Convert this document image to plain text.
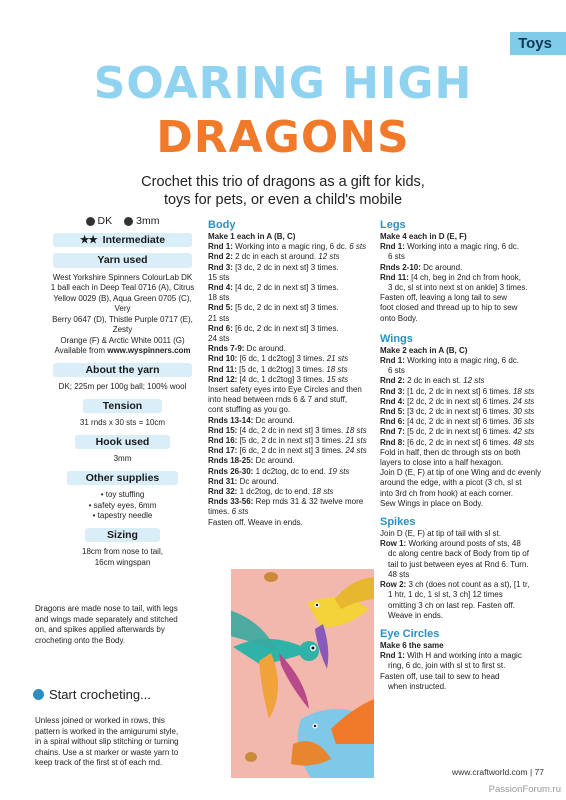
Toys
SOARING HIGH
DRAGONS
Crochet this trio of dragons as a gift for kids,
toys for pets, or even a child's mobile
DK 3mm
★★ Intermediate
Yarn used
West Yorkshire Spinners ColourLab DK
1 ball each in Deep Teal 0716 (A), Citrus
Yellow 0029 (B), Aqua Green 0705 (C), Very
Berry 0647 (D), Thistle Purple 0717 (E), Zesty
Orange (F) & Arctic White 0011 (G)
Available from www.wyspinners.com
About the yarn
DK; 225m per 100g ball; 100% wool
Tension
31 rnds x 30 sts = 10cm
Hook used
3mm
Other supplies
• toy stuffing
• safety eyes, 6mm
• tapestry needle
Sizing
18cm from nose to tail,
16cm wingspan
Dragons are made nose to tail, with legs
and wings made separately and stitched
on, and spikes applied afterwards by
crocheting onto the Body.
Start crocheting...
Unless joined or worked in rows, this
pattern is worked in the amigurumi style,
in a spiral without slip stitching or turning
chains. Use a st marker or waste yarn to
keep track of the first st of each rnd.
Body
Make 1 each in A (B, C)
Rnd 1: Working into a magic ring, 6 dc. 6 sts
Rnd 2: 2 dc in each st around. 12 sts
Rnd 3: [3 dc, 2 dc in next st] 3 times.
15 sts
Rnd 4: [4 dc, 2 dc in next st] 3 times.
18 sts
Rnd 5: [5 dc, 2 dc in next st] 3 times.
21 sts
Rnd 6: [6 dc, 2 dc in next st] 3 times.
24 sts
Rnds 7-9: Dc around.
Rnd 10: [6 dc, 1 dc2tog] 3 times. 21 sts
Rnd 11: [5 dc, 1 dc2tog] 3 times. 18 sts
Rnd 12: [4 dc, 1 dc2tog] 3 times. 15 sts
Insert safety eyes into Eye Circles and then
into head between rnds 6 & 7 and stuff,
cont stuffing as you go.
Rnds 13-14: Dc around.
Rnd 15: [4 dc, 2 dc in next st] 3 times. 18 sts
Rnd 16: [5 dc, 2 dc in next st] 3 times. 21 sts
Rnd 17: [6 dc, 2 dc in next st] 3 times. 24 sts
Rnds 18-25: Dc around.
Rnds 26-30: 1 dc2tog, dc to end. 19 sts
Rnd 31: Dc around.
Rnd 32: 1 dc2tog, dc to end. 18 sts
Rnds 33-56: Rep rnds 31 & 32 twelve more
times. 6 sts
Fasten off. Weave in ends.
Legs
Make 4 each in D (E, F)
Rnd 1: Working into a magic ring, 6 dc.
6 sts
Rnds 2-10: Dc around.
Rnd 11: [4 ch, beg in 2nd ch from hook,
3 dc, sl st into next st on ankle] 3 times.
Fasten off, leaving a long tail to sew
foot closed and thread up to hip to sew
onto Body.
Wings
Make 2 each in A (B, C)
Rnd 1: Working into a magic ring, 6 dc.
6 sts
Rnd 2: 2 dc in each st. 12 sts
Rnd 3: [1 dc, 2 dc in next st] 6 times. 18 sts
Rnd 4: [2 dc, 2 dc in next st] 6 times. 24 sts
Rnd 5: [3 dc, 2 dc in next st] 6 times. 30 sts
Rnd 6: [4 dc, 2 dc in next st] 6 times. 36 sts
Rnd 7: [5 dc, 2 dc in next st] 6 times. 42 sts
Rnd 8: [6 dc, 2 dc in next st] 6 times. 48 sts
Fold in half, then dc through sts on both
layers to close into a half hexagon.
Join D (E, F) at tip of one Wing and dc evenly
around the edge, with a picot (3 ch, sl st
into 3rd ch from hook) at each corner.
Sew Wings in place on Body.
Spikes
Join D (E, F) at tip of tail with sl st.
Row 1: Working around posts of sts, 48
dc along centre back of Body from tip of
tail to just between eyes at Rnd 6. Turn.
48 sts
Row 2: 3 ch (does not count as a st), [1 tr,
1 htr, 1 dc, 1 sl st, 3 ch] 12 times
omitting 3 ch on last rep. Fasten off.
Weave in ends.
Eye Circles
Make 6 the same
Rnd 1: With H and working into a magic
ring, 6 dc, join with sl st to first st.
Fasten off, use tail to sew to head
when instructed.
www.craftworld.com | 77
PassionForum.ru
